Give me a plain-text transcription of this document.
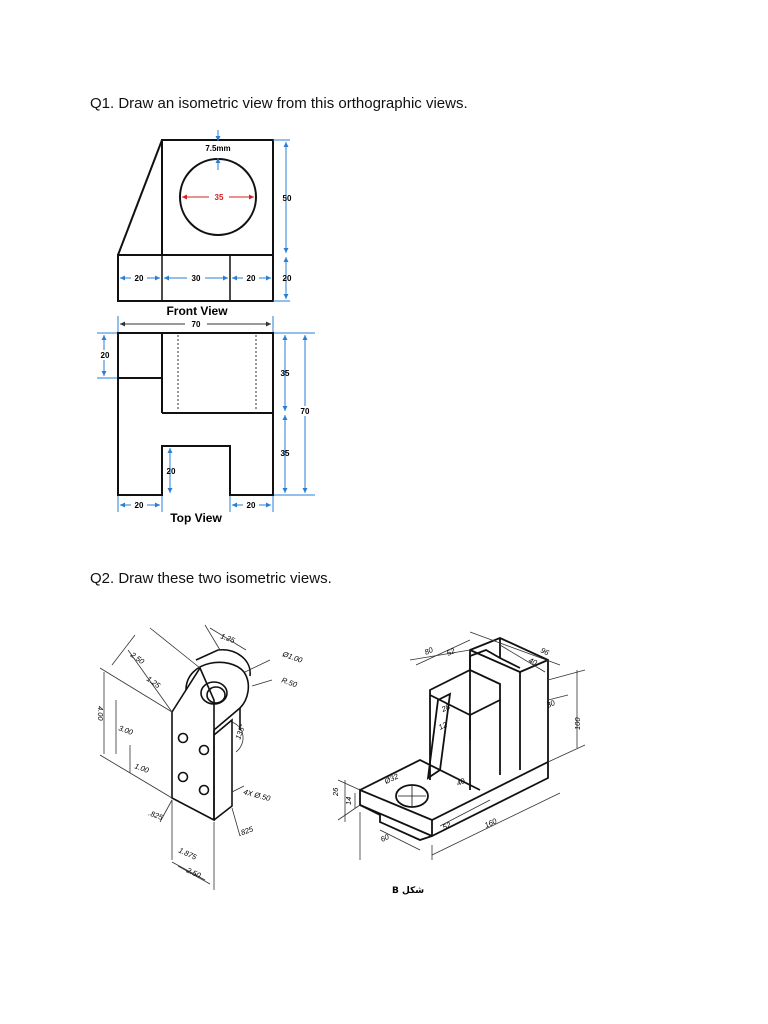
Q1. Draw an isometric view from this orthographic views.
Q2. Draw these two isometric views.
35
7.5mm
50
20
20	30	20
Front View
70
20
35
35
70
20
20	20
Top View
1.25
2.50
1.25
Ø1.00
R.50
4.00
3.00	135°
1.00
4X Ø.50
.825
.825
1.875
2.50
80 52	96
40
28
12
30
100
Ø32	40
26
14
52	160
60
B شكل
